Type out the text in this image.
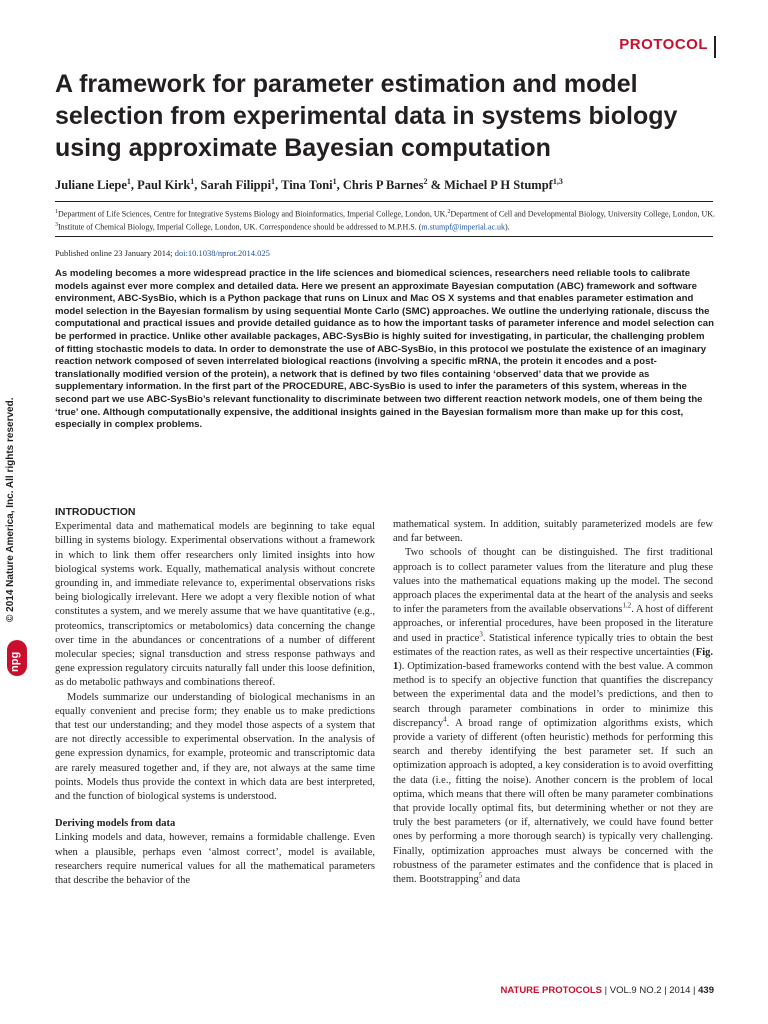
PROTOCOL
A framework for parameter estimation and model selection from experimental data in systems biology using approximate Bayesian computation
Juliane Liepe$^1$, Paul Kirk$^1$, Sarah Filippi$^1$, Tina Toni$^1$, Chris P Barnes$^2$ & Michael P H Stumpf$^{1,3}$
$^1$Department of Life Sciences, Centre for Integrative Systems Biology and Bioinformatics, Imperial College, London, UK.$^2$Department of Cell and Developmental Biology, University College, London, UK. $^3$Institute of Chemical Biology, Imperial College, London, UK. Correspondence should be addressed to M.P.H.S. (m.stumpf@imperial.ac.uk).
Published online 23 January 2014; doi:10.1038/nprot.2014.025

As modeling becomes a more widespread practice in the life sciences and biomedical sciences, researchers need reliable tools to calibrate models against ever more complex and detailed data. Here we present an approximate Bayesian computation (ABC) framework and software environment, ABC-SysBio, which is a Python package that runs on Linux and Mac OS X systems and that enables parameter estimation and model selection in the Bayesian formalism by using sequential Monte Carlo (SMC) approaches. We outline the underlying rationale, discuss the computational and practical issues and provide detailed guidance as to how the important tasks of parameter inference and model selection can be performed in practice. Unlike other available packages, ABC-SysBio is highly suited for investigating, in particular, the challenging problem of fitting stochastic models to data. In order to demonstrate the use of ABC-SysBio, in this protocol we postulate the existence of an imaginary reaction network composed of seven interrelated biological reactions (involving a specific mRNA, the protein it encodes and a post-translationally modified version of the protein), a network that is defined by two files containing ‘observed’ data that we provide as supplementary information. In the first part of the PROCEDURE, ABC-SysBio is used to infer the parameters of this system, whereas in the second part we use ABC-SysBio’s relevant functionality to discriminate between two different reaction network models, one of them being the ‘true’ one. Although computationally expensive, the additional insights gained in the Bayesian formalism more than make up for this cost, especially in complex problems.

© 2014 Nature America, Inc. All rights reserved.
npg
INTRODUCTION

Experimental data and mathematical models are beginning to take equal billing in systems biology. Experimental observations without a framework in which to link them offer researchers only limited insights into how biological systems work. Equally, mathematical analysis without concrete grounding in, and immediate relevance to, experimental observations risks being biologically irrelevant. Here we adopt a very flexible notion of what constitutes a system, and we merely assume that we have quantitative (e.g., proteomics, transcriptomics or metabolomics) data concerning the change over time in the abundances or concentrations of a number of different molecular species; signal transduction and stress response pathways and gene expression regulatory circuits naturally fall under this loose definition, as do metabolic pathways and combinations thereof.

Models summarize our understanding of biological mechanisms in an equally convenient and precise form; they enable us to make predictions that test our understanding; and they model those aspects of a system that are not directly accessible to experimental observation. In the analysis of gene expression dynamics, for example, proteomic and transcriptomic data are rarely measured together and, if they are, not always at the same time points. Models thus provide the context in which data are best interpreted, and the function of biological systems is understood.

Deriving models from data

Linking models and data, however, remains a formidable challenge. Even when a plausible, perhaps even ‘almost correct’, model is available, researchers require numerical values for all the mathematical parameters that describe the behavior of the

mathematical system. In addition, suitably parameterized models are few and far between.

Two schools of thought can be distinguished. The first traditional approach is to collect parameter values from the literature and plug these values into the mathematical equations making up the model. The second approach places the experimental data at the heart of the analysis and seeks to infer the parameters from the available observations$^{1,2}$. A host of different approaches, or inferential procedures, have been proposed in the literature and used in practice$^3$. Statistical inference typically tries to obtain the best estimates of the reaction rates, as well as their respective uncertainties (Fig. 1). Optimization-based frameworks contend with the best value. A common method is to specify an objective function that quantifies the discrepancy between the experimental data and the model’s predictions, and then to search through parameter combinations in order to minimize this discrepancy$^4$. A broad range of optimization algorithms exists, which provide a variety of different (often heuristic) methods for performing this search and thereby identifying the best parameter set. If such an optimization approach is adopted, a key consideration is to avoid overfitting the data (i.e., fitting the noise). Another concern is the problem of local optima, which means that there will often be many parameter combinations that provide locally optimal fits, but determining whether or not they are truly the best parameters (or if, alternatively, we could have found better ones by performing a more thorough search) is typically very challenging. Finally, optimization approaches must always be concerned with the robustness of the parameter estimates and the confidence that is placed in them. Bootstrapping$^5$ and data

NATURE PROTOCOLS | VOL.9 NO.2 | 2014 | 439
